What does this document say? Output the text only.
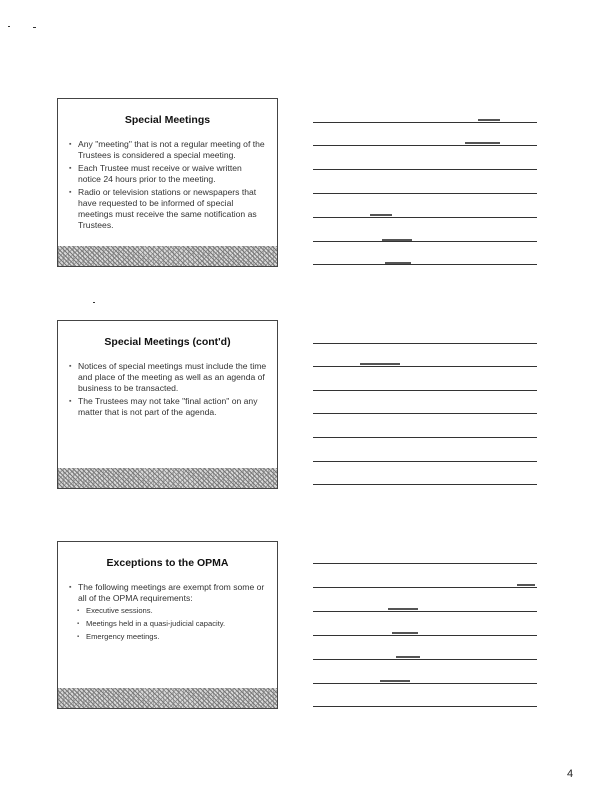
Special Meetings
▪ Any "meeting" that is not a regular meeting of the Trustees is considered a special meeting.
▪ Each Trustee must receive or waive written notice 24 hours prior to the meeting.
▪ Radio or television stations or newspapers that have requested to be informed of special meetings must receive the same notification as Trustees.
Special Meetings (cont'd)
▪ Notices of special meetings must include the time and place of the meeting as well as an agenda of business to be transacted.
▪ The Trustees may not take "final action" on any matter that is not part of the agenda.
Exceptions to the OPMA
▪ The following meetings are exempt from some or all of the OPMA requirements:
▪ Executive sessions.
▪ Meetings held in a quasi-judicial capacity.
▪ Emergency meetings.
4
